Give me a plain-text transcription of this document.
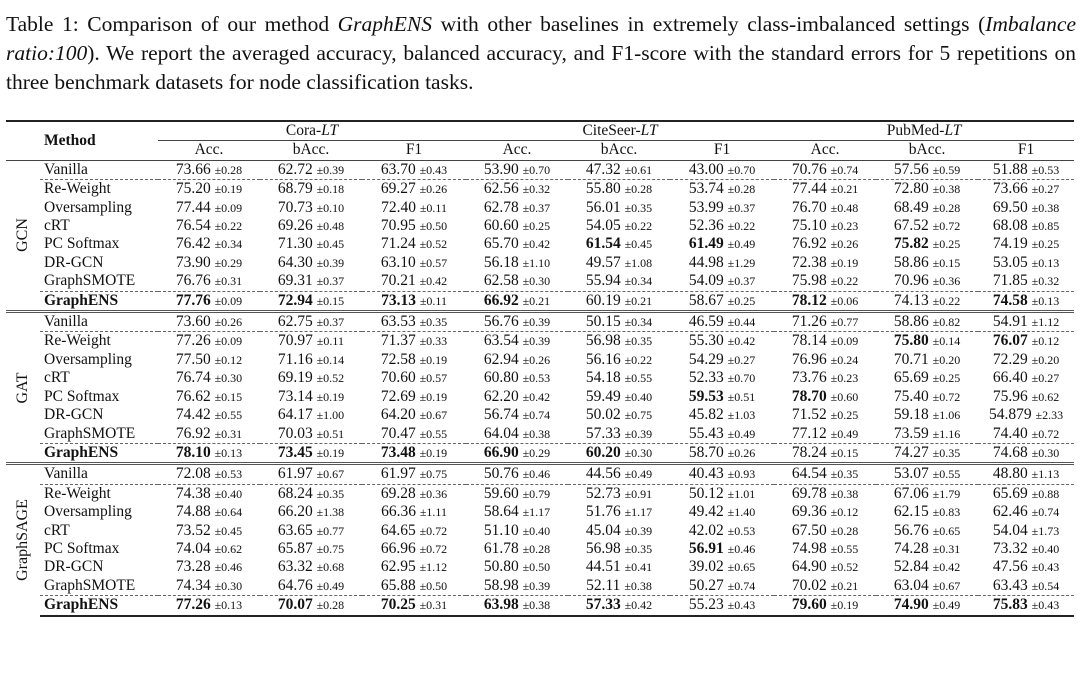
Table 1: Comparison of our method GraphENS with other baselines in extremely class-imbalanced settings (Imbalance ratio:100). We report the averaged accuracy, balanced accuracy, and F1-score with the standard errors for 5 repetitions on three benchmark datasets for node classification tasks.
	Method	Cora-LT			CiteSeer-LT			PubMed-LT		
		Acc.	bAcc.	F1	Acc.	bAcc.	F1	Acc.	bAcc.	F1

GCN	Vanilla	73.66 ±0.28	62.72 ±0.39	63.70 ±0.43	53.90 ±0.70	47.32 ±0.61	43.00 ±0.70	70.76 ±0.74	57.56 ±0.59	51.88 ±0.53
	Re-Weight	75.20 ±0.19	68.79 ±0.18	69.27 ±0.26	62.56 ±0.32	55.80 ±0.28	53.74 ±0.28	77.44 ±0.21	72.80 ±0.38	73.66 ±0.27
	Oversampling	77.44 ±0.09	70.73 ±0.10	72.40 ±0.11	62.78 ±0.37	56.01 ±0.35	53.99 ±0.37	76.70 ±0.48	68.49 ±0.28	69.50 ±0.38
	cRT	76.54 ±0.22	69.26 ±0.48	70.95 ±0.50	60.60 ±0.25	54.05 ±0.22	52.36 ±0.22	75.10 ±0.23	67.52 ±0.72	68.08 ±0.85
	PC Softmax	76.42 ±0.34	71.30 ±0.45	71.24 ±0.52	65.70 ±0.42	61.54 ±0.45	61.49 ±0.49	76.92 ±0.26	75.82 ±0.25	74.19 ±0.25
	DR-GCN	73.90 ±0.29	64.30 ±0.39	63.10 ±0.57	56.18 ±1.10	49.57 ±1.08	44.98 ±1.29	72.38 ±0.19	58.86 ±0.15	53.05 ±0.13
	GraphSMOTE	76.76 ±0.31	69.31 ±0.37	70.21 ±0.42	62.58 ±0.30	55.94 ±0.34	54.09 ±0.37	75.98 ±0.22	70.96 ±0.36	71.85 ±0.32
	GraphENS	77.76 ±0.09	72.94 ±0.15	73.13 ±0.11	66.92 ±0.21	60.19 ±0.21	58.67 ±0.25	78.12 ±0.06	74.13 ±0.22	74.58 ±0.13

GAT	Vanilla	73.60 ±0.26	62.75 ±0.37	63.53 ±0.35	56.76 ±0.39	50.15 ±0.34	46.59 ±0.44	71.26 ±0.77	58.86 ±0.82	54.91 ±1.12
	Re-Weight	77.26 ±0.09	70.97 ±0.11	71.37 ±0.33	63.54 ±0.39	56.98 ±0.35	55.30 ±0.42	78.14 ±0.09	75.80 ±0.14	76.07 ±0.12
	Oversampling	77.50 ±0.12	71.16 ±0.14	72.58 ±0.19	62.94 ±0.26	56.16 ±0.22	54.29 ±0.27	76.96 ±0.24	70.71 ±0.20	72.29 ±0.20
	cRT	76.74 ±0.30	69.19 ±0.52	70.60 ±0.57	60.80 ±0.53	54.18 ±0.55	52.33 ±0.70	73.76 ±0.23	65.69 ±0.25	66.40 ±0.27
	PC Softmax	76.62 ±0.15	73.14 ±0.19	72.69 ±0.19	62.20 ±0.42	59.49 ±0.40	59.53 ±0.51	78.70 ±0.60	75.40 ±0.72	75.96 ±0.62
	DR-GCN	74.42 ±0.55	64.17 ±1.00	64.20 ±0.67	56.74 ±0.74	50.02 ±0.75	45.82 ±1.03	71.52 ±0.25	59.18 ±1.06	54.879 ±2.33
	GraphSMOTE	76.92 ±0.31	70.03 ±0.51	70.47 ±0.55	64.04 ±0.38	57.33 ±0.39	55.43 ±0.49	77.12 ±0.49	73.59 ±1.16	74.40 ±0.72
	GraphENS	78.10 ±0.13	73.45 ±0.19	73.48 ±0.19	66.90 ±0.29	60.20 ±0.30	58.70 ±0.26	78.24 ±0.15	74.27 ±0.35	74.68 ±0.30

GraphSAGE	Vanilla	72.08 ±0.53	61.97 ±0.67	61.97 ±0.75	50.76 ±0.46	44.56 ±0.49	40.43 ±0.93	64.54 ±0.35	53.07 ±0.55	48.80 ±1.13
	Re-Weight	74.38 ±0.40	68.24 ±0.35	69.28 ±0.36	59.60 ±0.79	52.73 ±0.91	50.12 ±1.01	69.78 ±0.38	67.06 ±1.79	65.69 ±0.88
	Oversampling	74.88 ±0.64	66.20 ±1.38	66.36 ±1.11	58.64 ±1.17	51.76 ±1.17	49.42 ±1.40	69.36 ±0.12	62.15 ±0.83	62.46 ±0.74
	cRT	73.52 ±0.45	63.65 ±0.77	64.65 ±0.72	51.10 ±0.40	45.04 ±0.39	42.02 ±0.53	67.50 ±0.28	56.76 ±0.65	54.04 ±1.73
	PC Softmax	74.04 ±0.62	65.87 ±0.75	66.96 ±0.72	61.78 ±0.28	56.98 ±0.35	56.91 ±0.46	74.98 ±0.55	74.28 ±0.31	73.32 ±0.40
	DR-GCN	73.28 ±0.46	63.32 ±0.68	62.95 ±1.12	50.80 ±0.50	44.51 ±0.41	39.02 ±0.65	64.90 ±0.52	52.84 ±0.42	47.56 ±0.43
	GraphSMOTE	74.34 ±0.30	64.76 ±0.49	65.88 ±0.50	58.98 ±0.39	52.11 ±0.38	50.27 ±0.74	70.02 ±0.21	63.04 ±0.67	63.43 ±0.54
	GraphENS	77.26 ±0.13	70.07 ±0.28	70.25 ±0.31	63.98 ±0.38	57.33 ±0.42	55.23 ±0.43	79.60 ±0.19	74.90 ±0.49	75.83 ±0.43
